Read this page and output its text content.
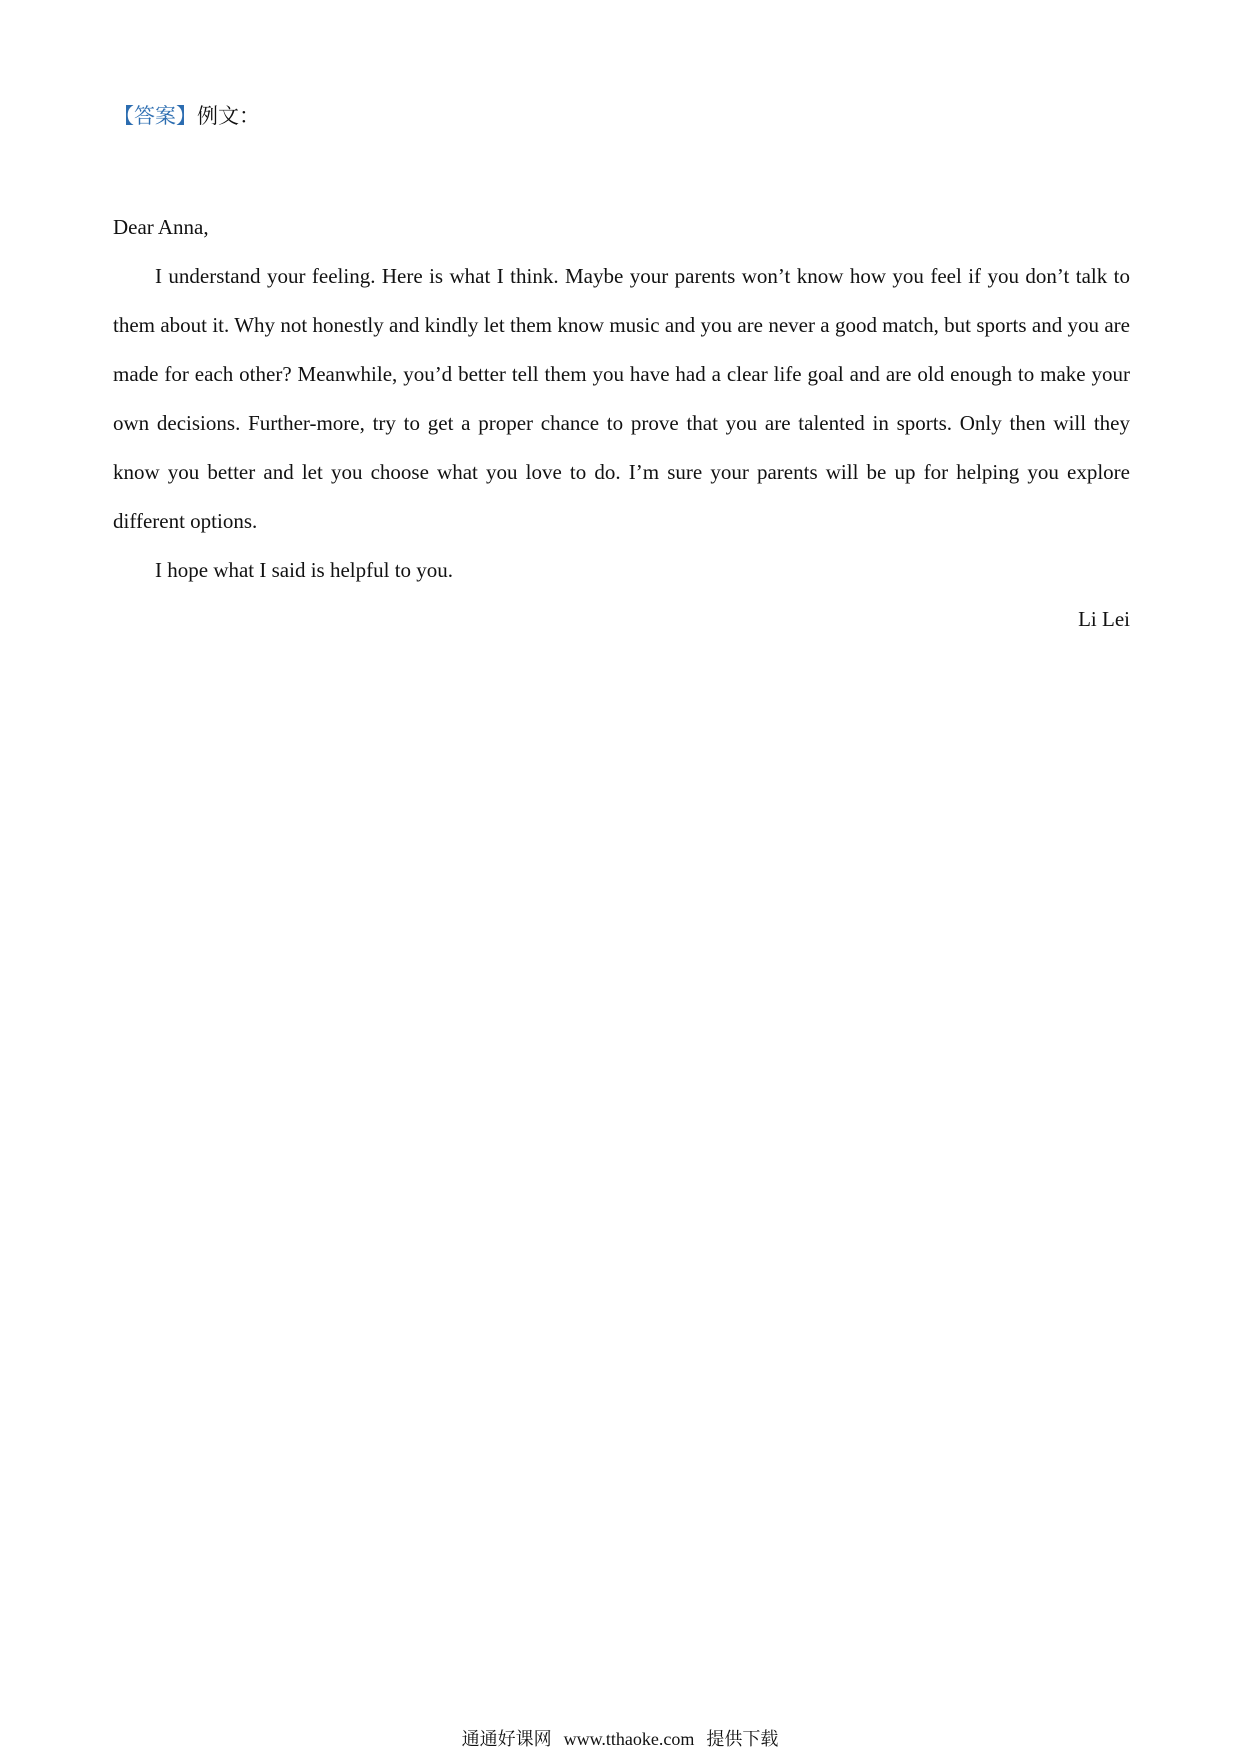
【答案】例文：

Dear Anna,

I understand your feeling. Here is what I think. Maybe your parents won’t know how you feel if you don’t talk to them about it. Why not honestly and kindly let them know music and you are never a good match, but sports and you are made for each other? Meanwhile, you’d better tell them you have had a clear life goal and are old enough to make your own decisions. Further-more, try to get a proper chance to prove that you are talented in sports. Only then will they know you better and let you choose what you love to do. I’m sure your parents will be up for helping you explore different options.

I hope what I said is helpful to you.

Li Lei

通通好课网 www.tthaoke.com 提供下载
